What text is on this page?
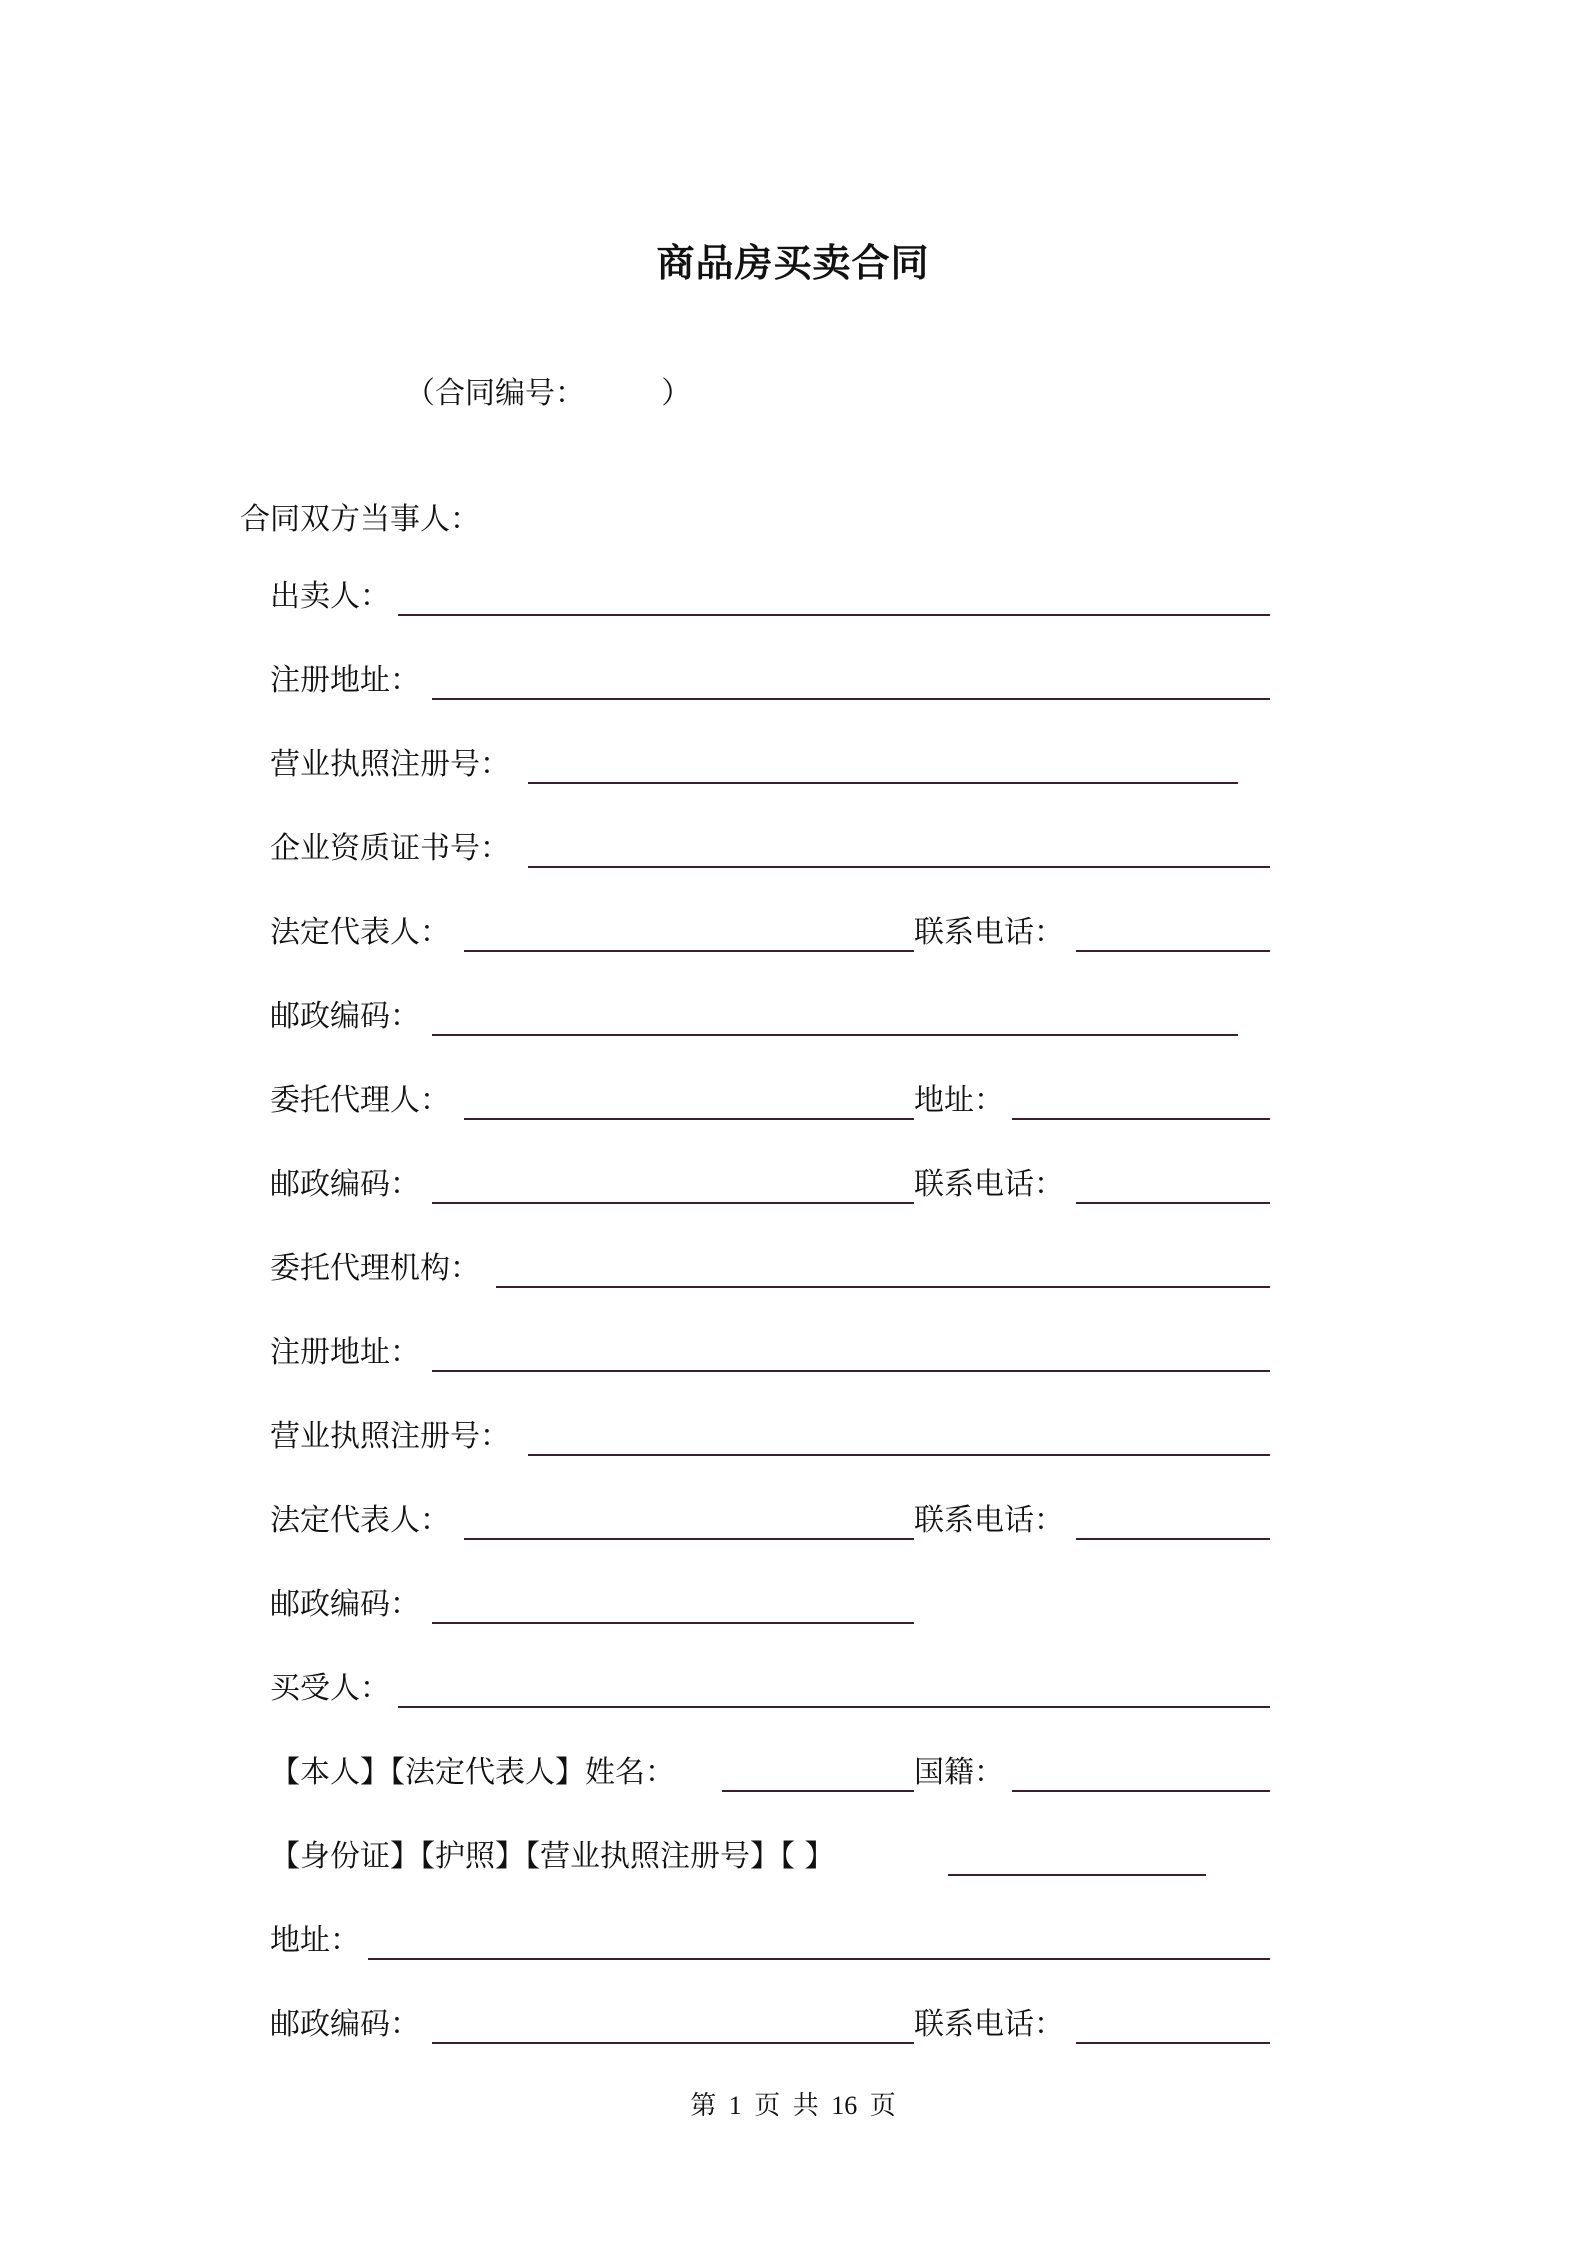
商品房买卖合同
（合同编号：        ）
合同双方当事人：
出卖人：
注册地址：
营业执照注册号：
企业资质证书号：
法定代表人：	联系电话：
邮政编码：
委托代理人：	地址：
邮政编码：	联系电话：
委托代理机构：
注册地址：
营业执照注册号：
法定代表人：	联系电话：
邮政编码：
买受人：
【本人】【法定代表人】姓名：	国籍：
【身份证】【护照】【营业执照注册号】【 】
地址：
邮政编码：	联系电话：
第 1 页 共 16 页
